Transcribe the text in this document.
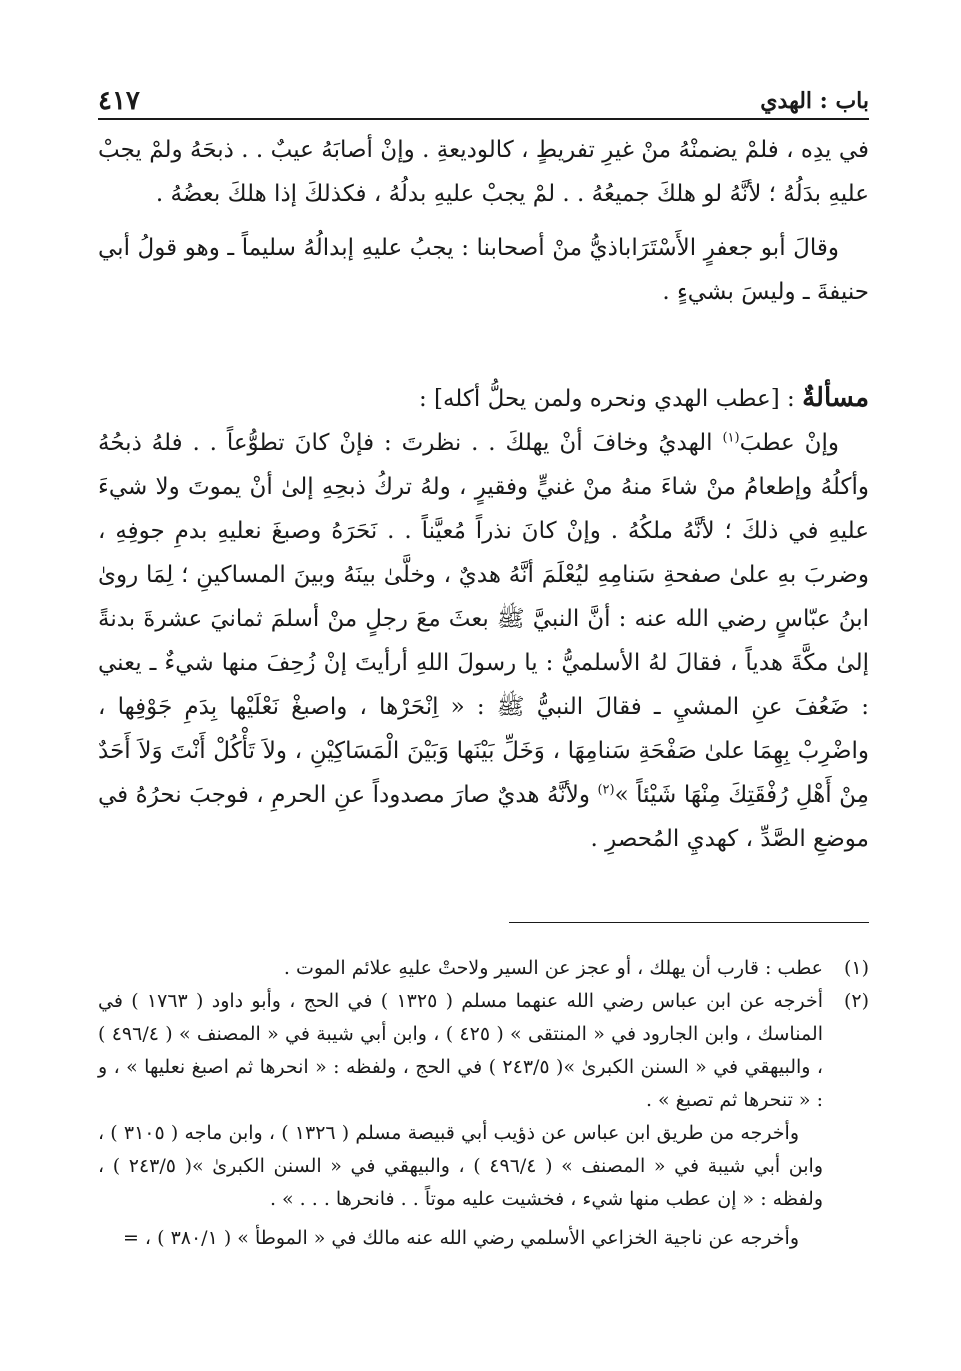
باب : الهدي
٤١٧

في يدِه ، فلمْ يضمنْهُ منْ غيرِ تفريطٍ ، كالوديعةِ . وإنْ أصابَهُ عيبٌ . . ذبحَهُ ولمْ يجبْ عليهِ بدَلُهُ ؛ لأنَّهُ لو هلكَ جميعُهُ . . لمْ يجبْ عليهِ بدلُهُ ، فكذلكَ إذا هلكَ بعضُهُ .

وقالَ أبو جعفرٍ الأَسْتَرَاباذيُّ منْ أصحابنا : يجبُ عليهِ إبدالُهُ سليماً ـ وهو قولُ أبي حنيفةَ ـ وليسَ بشيءٍ .

مسألةٌ : [عطب الهدي ونحره ولمن يحلُّ أكله] :

وإنْ عطبَ$^{(١)}$ الهديُ وخافَ أنْ يهلكَ . . نظرتَ : فإنْ كانَ تطوُّعاً . . فلهُ ذبحُهُ وأكلُهُ وإطعامُ منْ شاءَ منهُ منْ غنيٍّ وفقيرٍ ، ولهُ تركُ ذبحِهِ إلىٰ أنْ يموتَ ولا شيءَ عليهِ في ذلكَ ؛ لأنَّهُ ملكُهُ . وإنْ كانَ نذراً مُعيَّناً . . نَحَرَهُ وصبغَ نعليهِ بدمِ جوفِهِ ، وضربَ بهِ علىٰ صفحةِ سَنامِهِ ليُعْلَمَ أنَّهُ هديٌ ، وخلَّىٰ بينَهُ وبينَ المساكينِ ؛ لِمَا روىٰ ابنُ عبّاسٍ رضي الله عنه : أنَّ النبيَّ ﷺ بعثَ معَ رجلٍ منْ أسلمَ ثمانيَ عشرةَ بدنةً إلىٰ مكَّةَ هدياً ، فقالَ لهُ الأسلميُّ : يا رسولَ اللهِ أرأيتَ إنْ زُحِفَ منها شيءٌ ـ يعني : ضَعُفَ عنِ المشيِ ـ فقالَ النبيُّ ﷺ : « اِنْحَرْها ، واصبغْ نَعْلَيْها بِدَمِ جَوْفِها ، واضْرِبْ بِهِمَا علىٰ صَفْحَةِ سَنامِهَا ، وَخَلِّ بَيْنَها وَبَيْنَ الْمَسَاكِيْنِ ، ولاَ تَأْكُلْ أَنْتَ وَلاَ أَحَدٌ مِنْ أَهْلِ رُفْقَتِكَ مِنْهَا شَيْئاً »$^{(٢)}$ ولأنَّهُ هديٌ صارَ مصدوداً عنِ الحرمِ ، فوجبَ نحرُهُ في موضعِ الصَّدِّ ، كهديِ المُحصرِ .

(١)
عطب : قارب أن يهلك ، أو عجز عن السير ولاحتْ عليهِ علائم الموت .
(٢)
أخرجه عن ابن عباس رضي الله عنهما مسلم ( ١٣٢٥ ) في الحج ، وأبو داود ( ١٧٦٣ ) في المناسك ، وابن الجارود في « المنتقى » ( ٤٢٥ ) ، وابن أبي شيبة في « المصنف » ( ٤٩٦/٤ ) ، والبيهقي في « السنن الكبرىٰ »( ٢٤٣/٥ ) في الحج ، ولفظه : « انحرها ثم اصبغ نعليها » ، و : « تنحرها ثم تصبغ » .

وأخرجه من طريق ابن عباس عن ذؤيب أبي قبيصة مسلم ( ١٣٢٦ ) ، وابن ماجه ( ٣١٠٥ ) ، وابن أبي شيبة في « المصنف » ( ٤٩٦/٤ ) ، والبيهقي في « السنن الكبرىٰ »( ٢٤٣/٥ ) ، ولفظه : « إن عطب منها شيء ، فخشيت عليه موتاً . . فانحرها . . . » .

وأخرجه عن ناجية الخزاعي الأسلمي رضي الله عنه مالك في « الموطأ » ( ٣٨٠/١ ) ، =
